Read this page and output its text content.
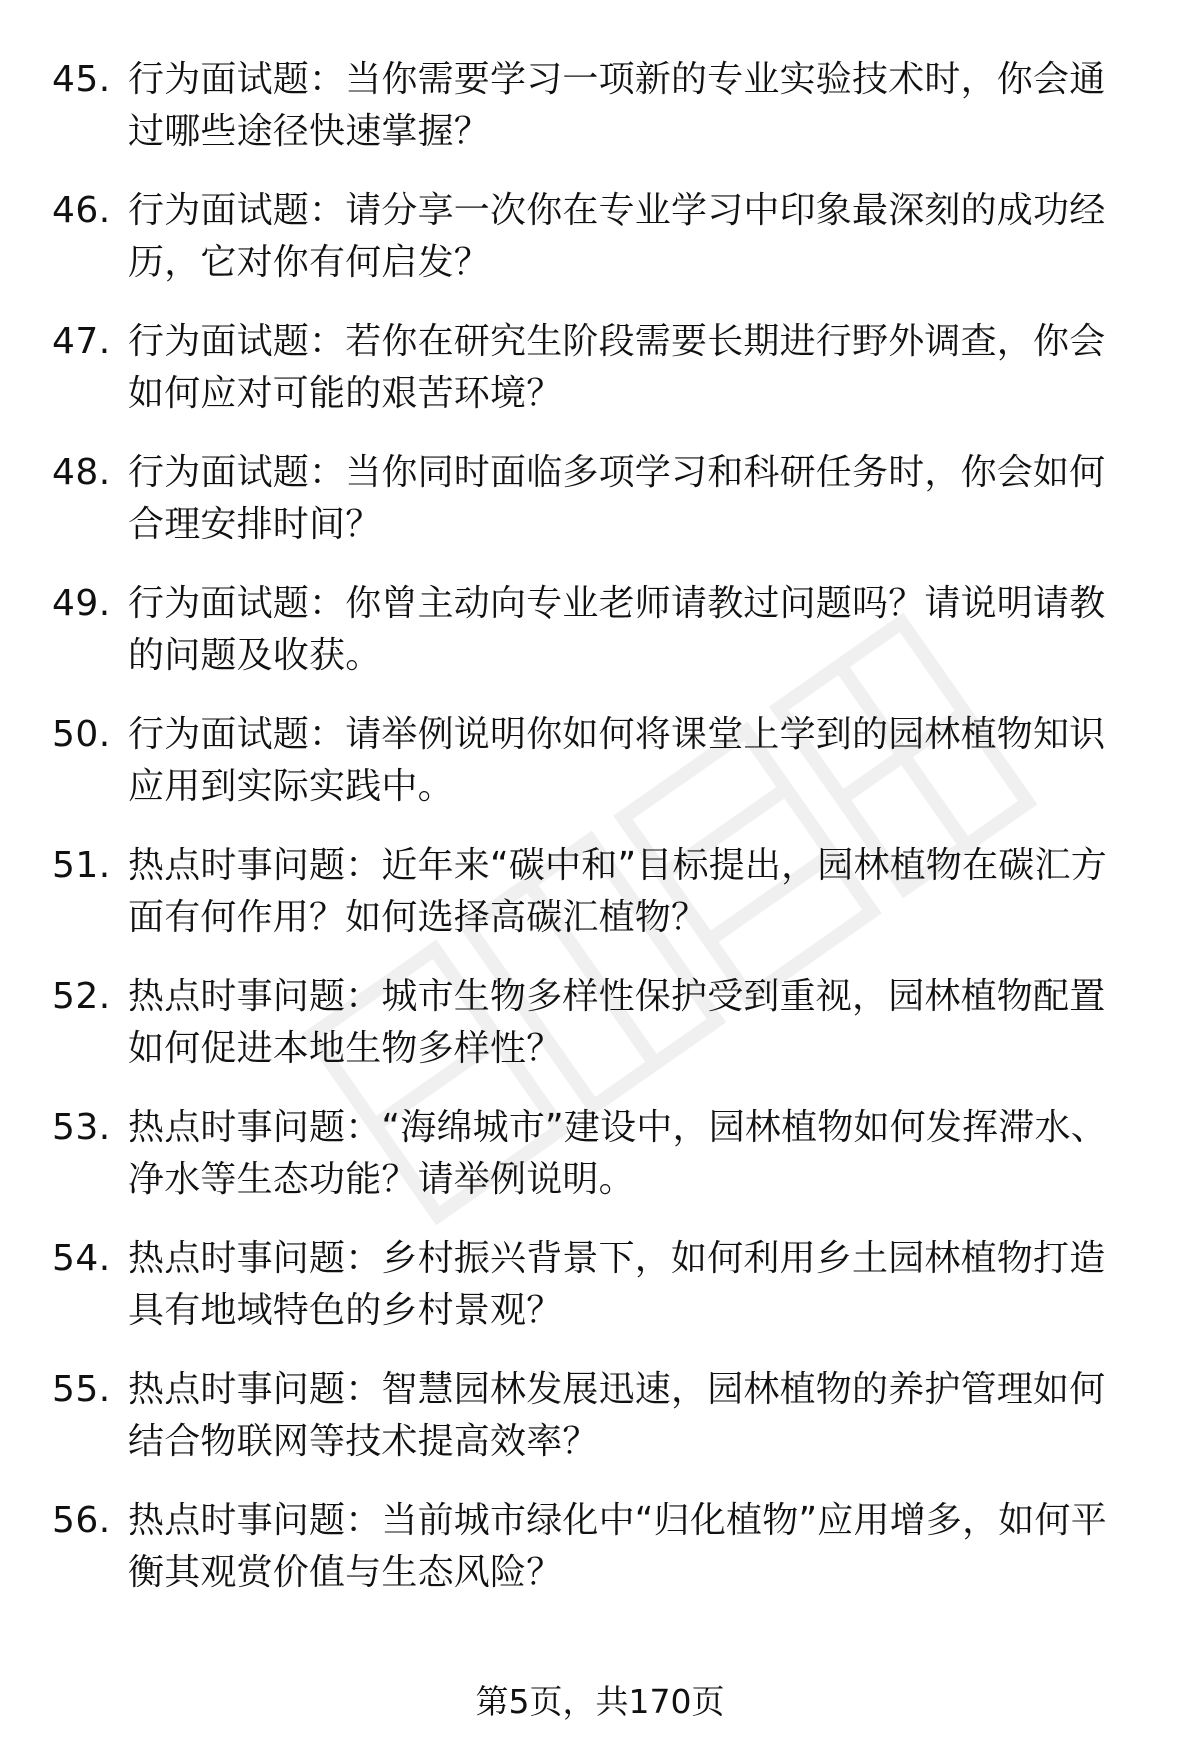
45. 行为面试题：当你需要学习一项新的专业实验技术时，你会通过哪些途径快速掌握？
46. 行为面试题：请分享一次你在专业学习中印象最深刻的成功经历，它对你有何启发？
47. 行为面试题：若你在研究生阶段需要长期进行野外调查，你会如何应对可能的艰苦环境？
48. 行为面试题：当你同时面临多项学习和科研任务时，你会如何合理安排时间？
49. 行为面试题：你曾主动向专业老师请教过问题吗？请说明请教的问题及收获。
50. 行为面试题：请举例说明你如何将课堂上学到的园林植物知识应用到实际实践中。
51. 热点时事问题：近年来“碳中和”目标提出，园林植物在碳汇方面有何作用？如何选择高碳汇植物？
52. 热点时事问题：城市生物多样性保护受到重视，园林植物配置如何促进本地生物多样性？
53. 热点时事问题：“海绵城市”建设中，园林植物如何发挥滞水、净水等生态功能？请举例说明。
54. 热点时事问题：乡村振兴背景下，如何利用乡土园林植物打造具有地域特色的乡村景观？
55. 热点时事问题：智慧园林发展迅速，园林植物的养护管理如何结合物联网等技术提高效率？
56. 热点时事问题：当前城市绿化中“归化植物”应用增多，如何平衡其观赏价值与生态风险？
第5页，共170页
